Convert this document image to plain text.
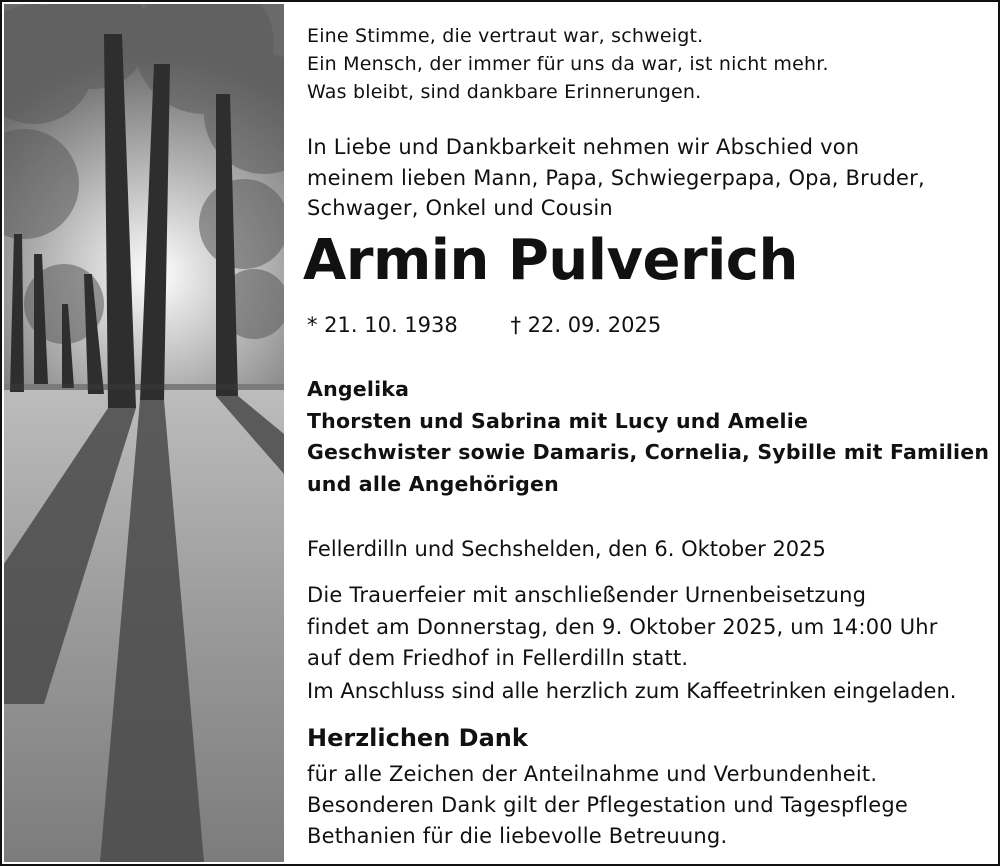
Eine Stimme, die vertraut war, schweigt.
Ein Mensch, der immer für uns da war, ist nicht mehr.
Was bleibt, sind dankbare Erinnerungen.
In Liebe und Dankbarkeit nehmen wir Abschied von
meinem lieben Mann, Papa, Schwiegerpapa, Opa, Bruder,
Schwager, Onkel und Cousin
Armin Pulverich
* 21. 10. 1938	† 22. 09. 2025
Angelika
Thorsten und Sabrina mit Lucy und Amelie
Geschwister sowie Damaris, Cornelia, Sybille mit Familien
und alle Angehörigen
Fellerdilln und Sechshelden, den 6. Oktober 2025
Die Trauerfeier mit anschließender Urnenbeisetzung
findet am Donnerstag, den 9. Oktober 2025, um 14:00 Uhr
auf dem Friedhof in Fellerdilln statt.
Im Anschluss sind alle herzlich zum Kaffeetrinken eingeladen.
Herzlichen Dank
für alle Zeichen der Anteilnahme und Verbundenheit.
Besonderen Dank gilt der Pflegestation und Tagespflege
Bethanien für die liebevolle Betreuung.
